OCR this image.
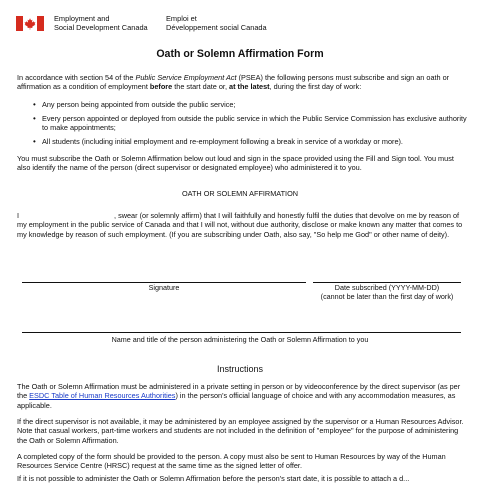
Employment and
Social Development Canada
Emploi et
Développement social Canada
Oath or Solemn Affirmation Form
In accordance with section 54 of the Public Service Employment Act (PSEA) the following persons must subscribe and sign an oath or affirmation as a condition of employment before the start date or, at the latest, during the first day of work:
• Any person being appointed from outside the public service;
• Every person appointed or deployed from outside the public service in which the Public Service Commission has exclusive authority to make appointments;
• All students (including initial employment and re-employment following a break in service of a workday or more).
You must subscribe the Oath or Solemn Affirmation below out loud and sign in the space provided using the Fill and Sign tool. You must also identify the name of the person (direct supervisor or designated employee) who administered it to you.
OATH OR SOLEMN AFFIRMATION
I	, swear (or solemnly affirm) that I will faithfully and honestly fulfil the duties that devolve on me by reason of my employment in the public service of Canada and that I will not, without due authority, disclose or make known any matter that comes to my knowledge by reason of such employment. (If you are subscribing under Oath, also say, "So help me God" or other name of deity).
Signature	Date subscribed (YYYY-MM-DD)
(cannot be later than the first day of work)
Name and title of the person administering the Oath or Solemn Affirmation to you
Instructions
The Oath or Solemn Affirmation must be administered in a private setting in person or by videoconference by the direct supervisor (as per the ESDC Table of Human Resources Authorities) in the person's official language of choice and with any accommodation measures, as applicable.
If the direct supervisor is not available, it may be administered by an employee assigned by the supervisor or a Human Resources Advisor. Note that casual workers, part-time workers and students are not included in the definition of "employee" for the purpose of administering the Oath or Solemn Affirmation.
A completed copy of the form should be provided to the person. A copy must also be sent to Human Resources by way of the Human Resources Service Centre (HRSC) request at the same time as the signed letter of offer.
If it is not possible to administer the Oath or Solemn Affirmation before the person's start date, it is possible to attach a d...
